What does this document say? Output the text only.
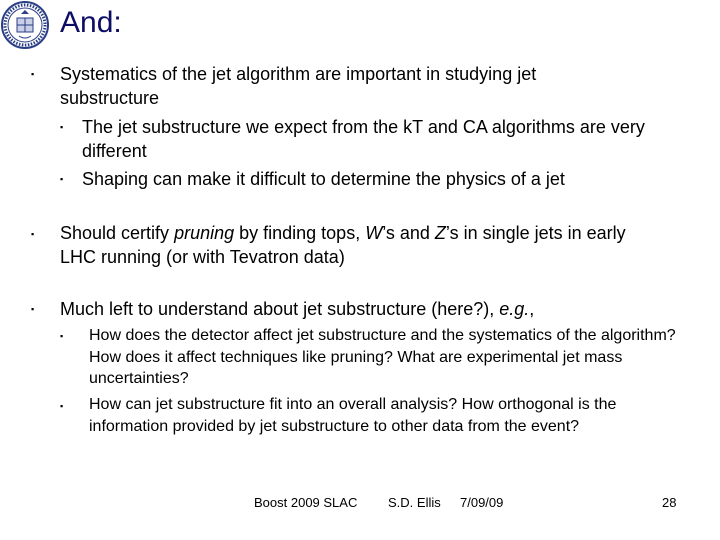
And:
▪ Systematics of the jet algorithm are important in studying jet substructure
▪ The jet substructure we expect from the kT and CA algorithms are very different
▪ Shaping can make it difficult to determine the physics of a jet
▪ Should certify pruning by finding tops, W’s and Z’s in single jets in early LHC running (or with Tevatron data)
▪ Much left to understand about jet substructure (here?), e.g.,
▪ How does the detector affect jet substructure and the systematics of the algorithm? How does it affect techniques like pruning? What are experimental jet mass uncertainties?
▪ How can jet substructure fit into an overall analysis? How orthogonal is the information provided by jet substructure to other data from the event?
Boost 2009 SLAC S.D. Ellis 7/09/09	28
